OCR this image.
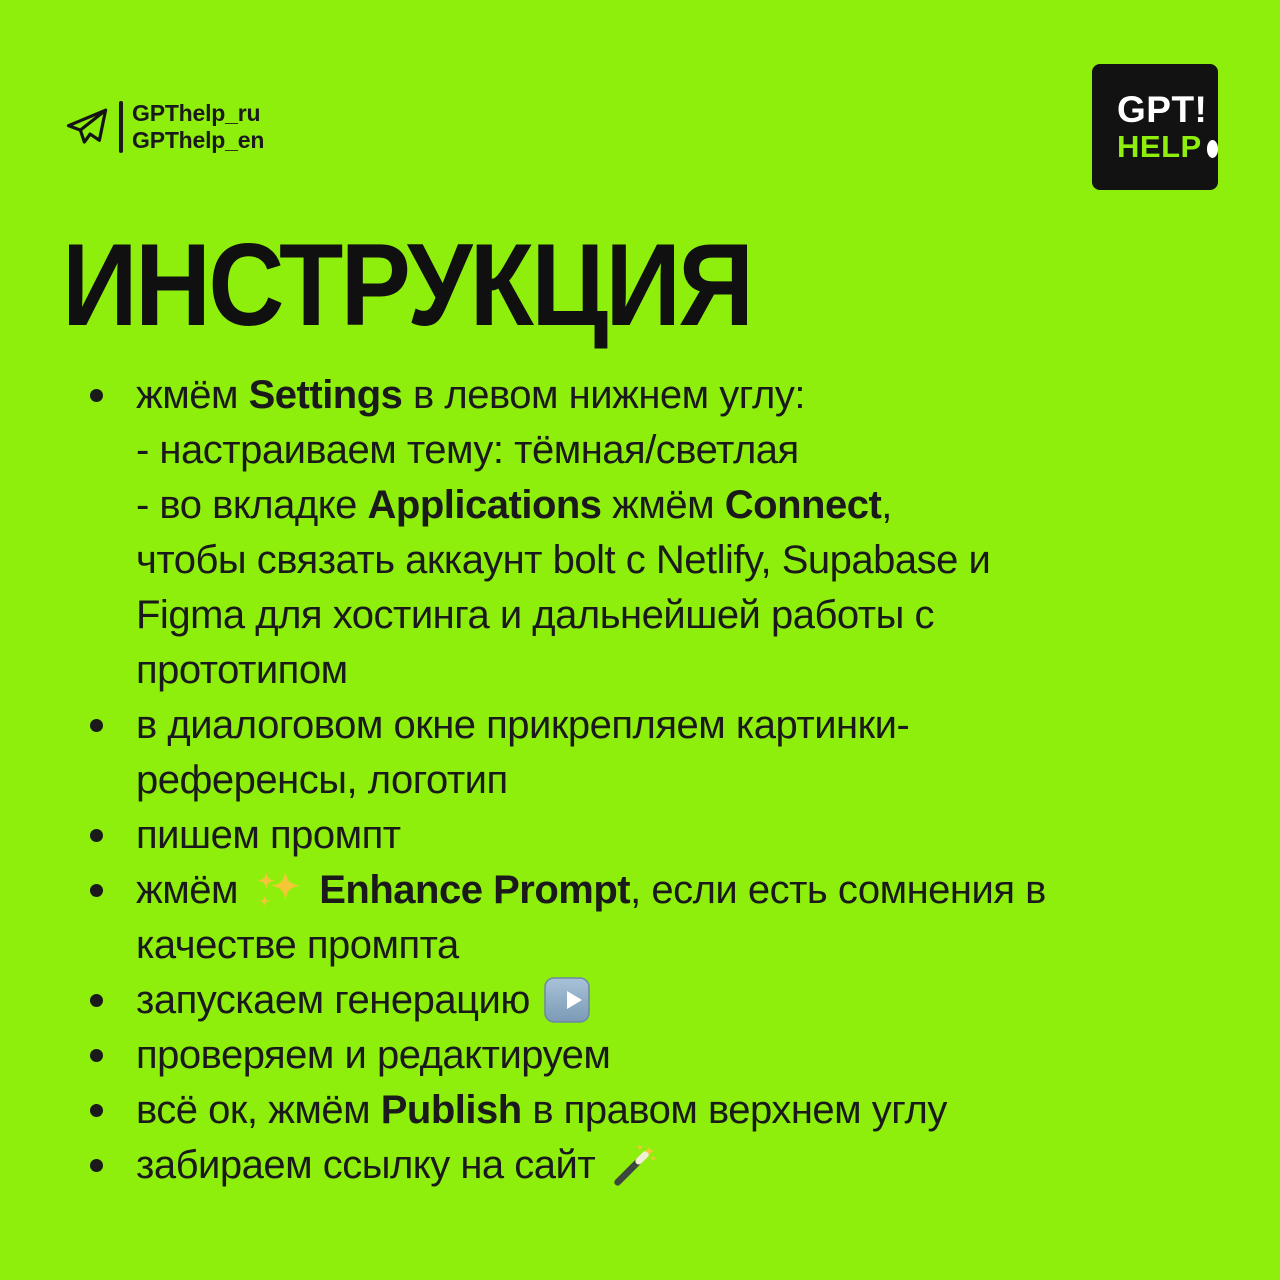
GPThelp_ru
GPThelp_en
GPT!
HELP
ИНСТРУКЦИЯ
жмём Settings в левом нижнем углу:
- настраиваем тему: тёмная/светлая
- во вкладке Applications жмём Connect,
чтобы связать аккаунт bolt с Netlify, Supabase и
Figma для хостинга и дальнейшей работы с
прототипом
в диалоговом окне прикрепляем картинки-
референсы, логотип
пишем промпт
жмём
Enhance Prompt, если есть сомнения в
качестве промпта
запускаем генерацию
проверяем и редактируем
всё ок, жмём Publish в правом верхнем углу
забираем ссылку на сайт
